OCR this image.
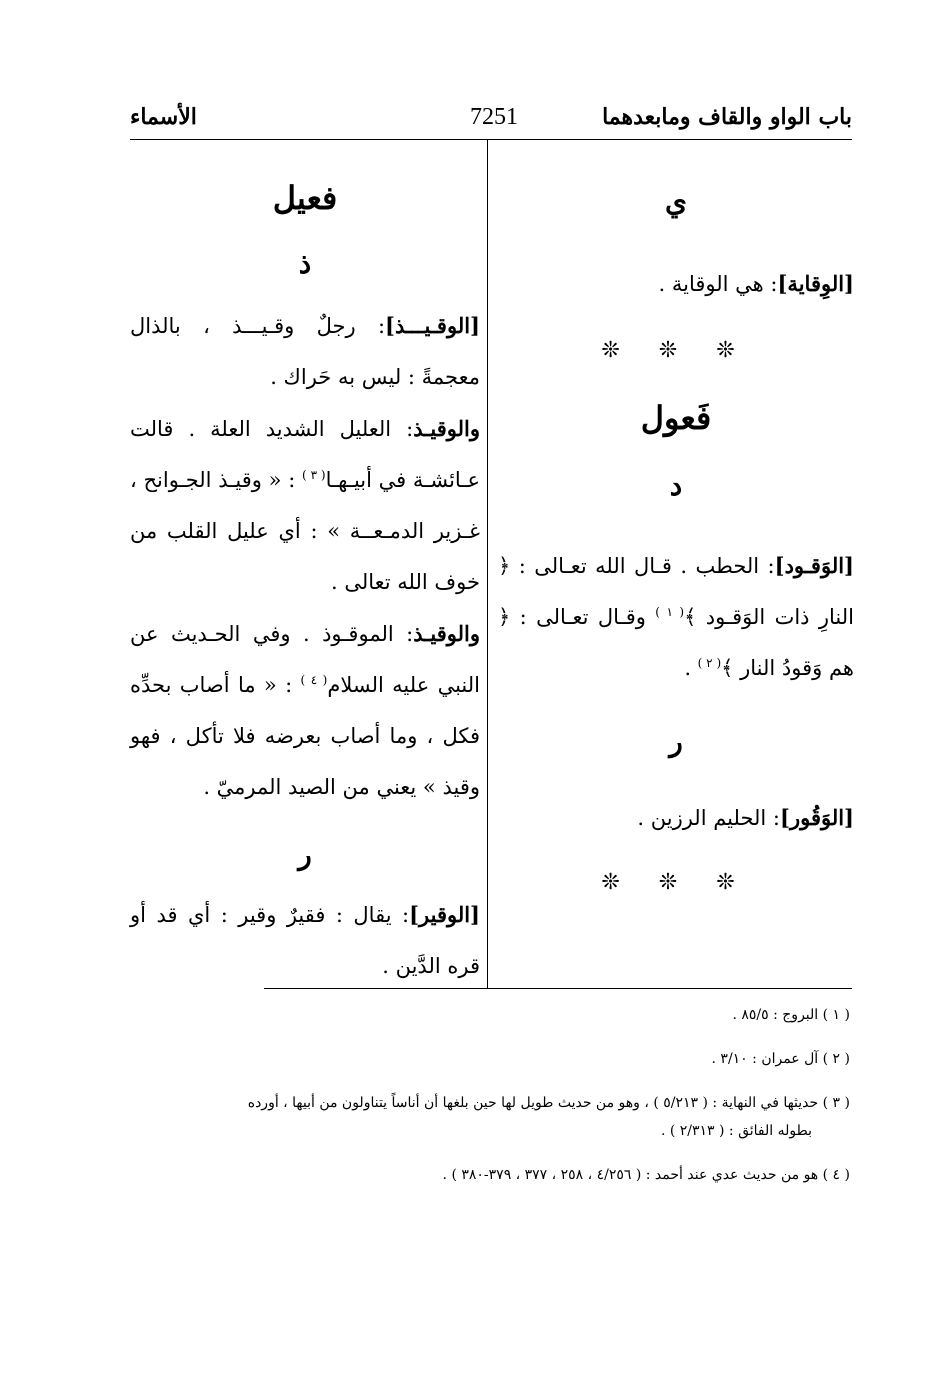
باب الواو والقاف ومابعدهما
7251
الأسماء
ي

[الوِقاية]: هي الوقاية .

❊ ❊ ❊
فَعول
د

[الوَقـود]: الحطب . قـال الله تعـالى : ﴿ النارِ ذات الوَقـود ﴾$^{( ١ )}$ وقـال تعـالى : ﴿ هم وَقودُ النار ﴾$^{( ٢ )}$ .

ر

[الوَقُور]: الحليم الرزين .

❊ ❊ ❊
فعيل
ذ

[الوقـيـــذ]: رجلٌ وقـيـــذ ، بالذال معجمةً : ليس به حَراك .

والوقيـذ: العليل الشديد العلة . قالت عـائشـة في أبيـهـا$^{( ٣ )}$ : « وقيـذ الجـوانح ، غـزير الدمـعــة » : أي عليل القلب من خوف الله تعالى .

والوقيـذ: الموقـوذ . وفي الحـديث عن النبي عليه السلام$^{( ٤ )}$ : « ما أصاب بحدِّه فكل ، وما أصاب بعرضه فلا تأكل ، فهو وقيذ » يعني من الصيد المرميّ .

ر

[الوقير]: يقال : فقيرٌ وقير : أي قد أو قره الدَّين .

( ١ ) البروج : ٨٥/٥ .

( ٢ ) آل عمران : ٣/١٠ .

( ٣ ) حديثها في النهاية : ( ٥/٢١٣ ) ، وهو من حديث طويل لها حين بلغها أن أناساً يتناولون من أبيها ، أورده

بطوله الفائق : ( ٢/٣١٣ ) .

( ٤ ) هو من حديث عدي عند أحمد : ( ٤/٢٥٦ ، ٢٥٨ ، ٣٧٧ ، ٣٧٩-٣٨٠ ) .
